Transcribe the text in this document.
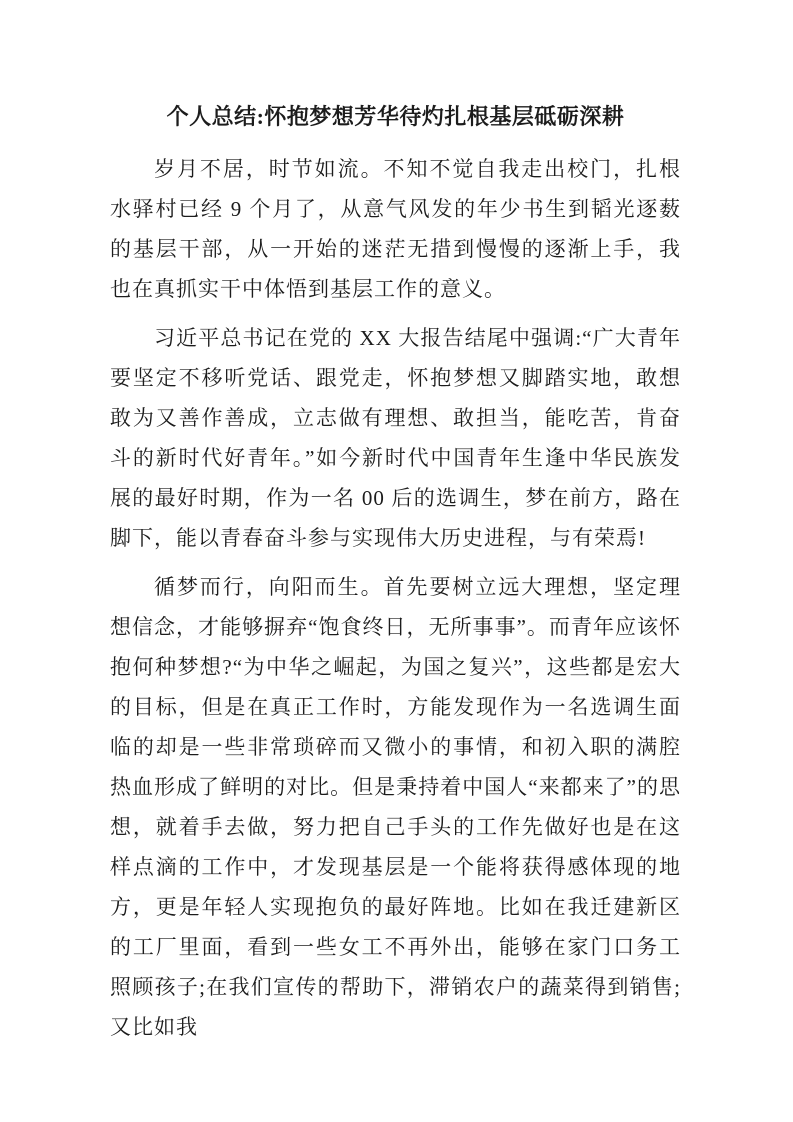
个人总结:怀抱梦想芳华待灼扎根基层砥砺深耕

岁月不居，时节如流。不知不觉自我走出校门，扎根水驿村已经 9 个月了，从意气风发的年少书生到韬光逐薮的基层干部，从一开始的迷茫无措到慢慢的逐渐上手，我也在真抓实干中体悟到基层工作的意义。

习近平总书记在党的 XX 大报告结尾中强调:“广大青年要坚定不移听党话、跟党走，怀抱梦想又脚踏实地，敢想敢为又善作善成，立志做有理想、敢担当，能吃苦，肯奋斗的新时代好青年。”如今新时代中国青年生逢中华民族发展的最好时期，作为一名 00 后的选调生，梦在前方，路在脚下，能以青春奋斗参与实现伟大历史进程，与有荣焉!

循梦而行，向阳而生。首先要树立远大理想，坚定理想信念，才能够摒弃“饱食终日，无所事事”。而青年应该怀抱何种梦想?“为中华之崛起，为国之复兴”，这些都是宏大的目标，但是在真正工作时，方能发现作为一名选调生面临的却是一些非常琐碎而又微小的事情，和初入职的满腔热血形成了鲜明的对比。但是秉持着中国人“来都来了”的思想，就着手去做，努力把自己手头的工作先做好也是在这样点滴的工作中，才发现基层是一个能将获得感体现的地方，更是年轻人实现抱负的最好阵地。比如在我迁建新区的工厂里面，看到一些女工不再外出，能够在家门口务工照顾孩子;在我们宣传的帮助下，滞销农户的蔬菜得到销售;又比如我
